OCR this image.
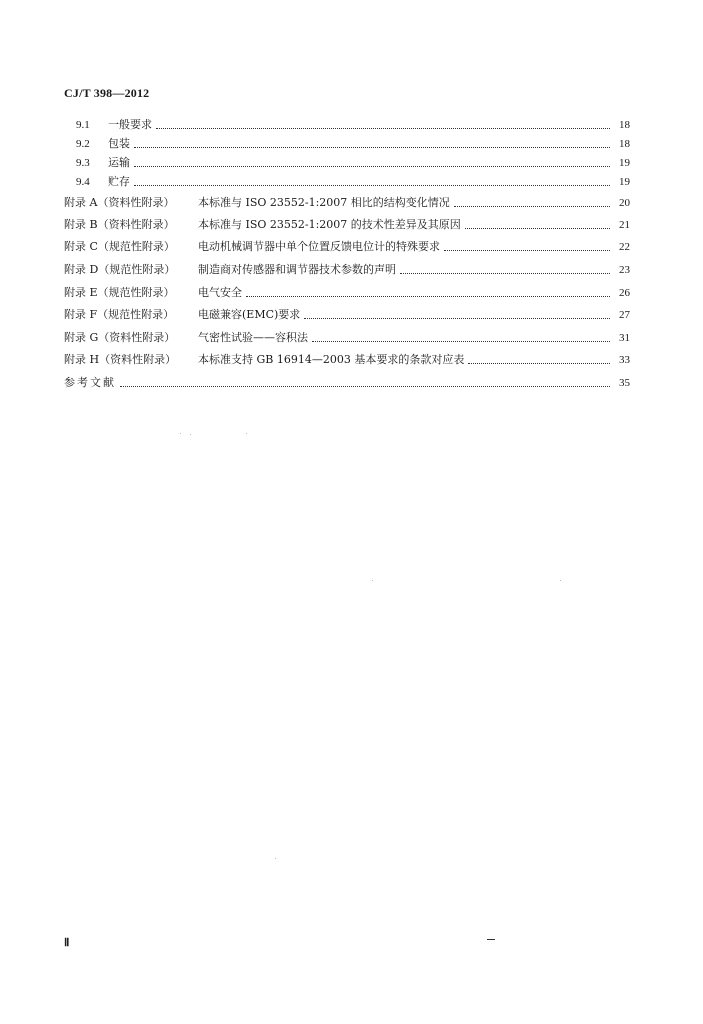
CJ/T 398—2012
9.1	一般要求	18
9.2	包装	18
9.3	运输	19
9.4	贮存	19
附录 A（资料性附录）	本标准与 ISO 23552-1:2007 相比的结构变化情况	20
附录 B（资料性附录）	本标准与 ISO 23552-1:2007 的技术性差异及其原因	21
附录 C（规范性附录）	电动机械调节器中单个位置反馈电位计的特殊要求	22
附录 D（规范性附录）	制造商对传感器和调节器技术参数的声明	23
附录 E（规范性附录）	电气安全	26
附录 F（规范性附录）	电磁兼容(EMC)要求	27
附录 G（资料性附录）	气密性试验——容积法	31
附录 H（资料性附录）	本标准支持 GB 16914—2003 基本要求的条款对应表	33
参考文献	35
Ⅱ
